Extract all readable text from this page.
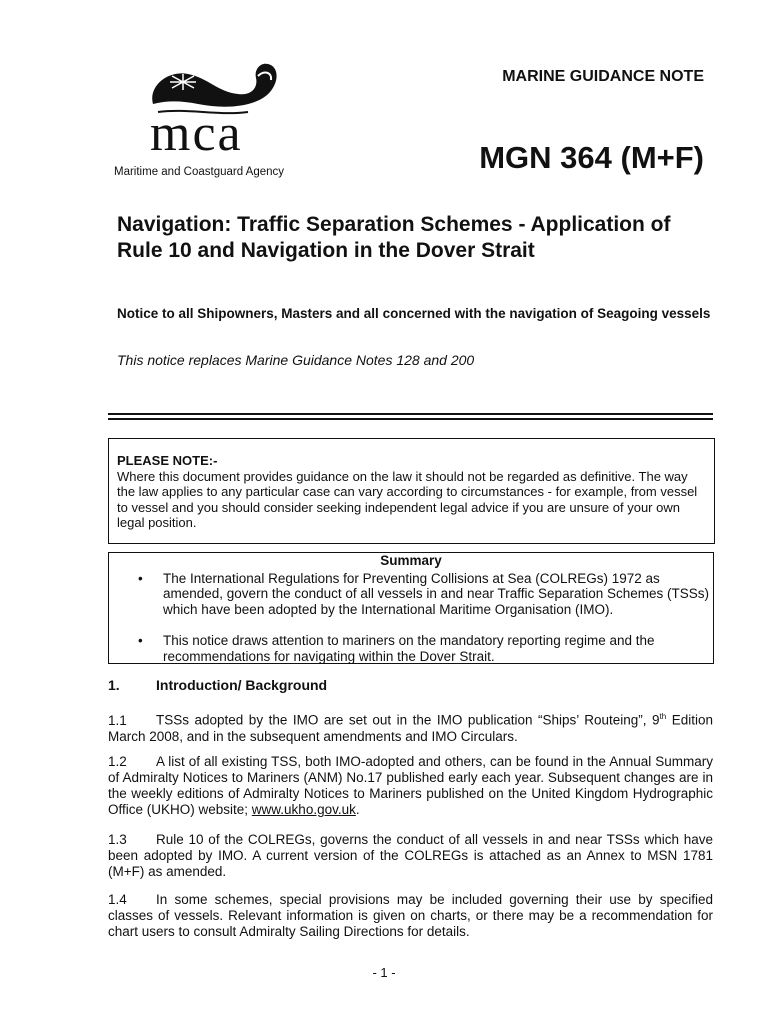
mca
Maritime and Coastguard Agency
MARINE GUIDANCE NOTE
MGN 364 (M+F)
Navigation: Traffic Separation Schemes - Application of Rule 10 and Navigation in the Dover Strait
Notice to all Shipowners, Masters and all concerned with the navigation of Seagoing vessels
This notice replaces Marine Guidance Notes 128 and 200
PLEASE NOTE:-
Where this document provides guidance on the law it should not be regarded as definitive. The way the law applies to any particular case can vary according to circumstances - for example, from vessel to vessel and you should consider seeking independent legal advice if you are unsure of your own legal position.
Summary
• The International Regulations for Preventing Collisions at Sea (COLREGs) 1972 as amended, govern the conduct of all vessels in and near Traffic Separation Schemes (TSSs) which have been adopted by the International Maritime Organisation (IMO).
• This notice draws attention to mariners on the mandatory reporting regime and the recommendations for navigating within the Dover Strait.
1.	Introduction/ Background

1.1 TSSs adopted by the IMO are set out in the IMO publication “Ships’ Routeing”, 9th Edition March 2008, and in the subsequent amendments and IMO Circulars.

1.2 A list of all existing TSS, both IMO-adopted and others, can be found in the Annual Summary of Admiralty Notices to Mariners (ANM) No.17 published early each year. Subsequent changes are in the weekly editions of Admiralty Notices to Mariners published on the United Kingdom Hydrographic Office (UKHO) website; www.ukho.gov.uk.

1.3 Rule 10 of the COLREGs, governs the conduct of all vessels in and near TSSs which have been adopted by IMO. A current version of the COLREGs is attached as an Annex to MSN 1781 (M+F) as amended.

1.4 In some schemes, special provisions may be included governing their use by specified classes of vessels. Relevant information is given on charts, or there may be a recommendation for chart users to consult Admiralty Sailing Directions for details.

- 1 -
